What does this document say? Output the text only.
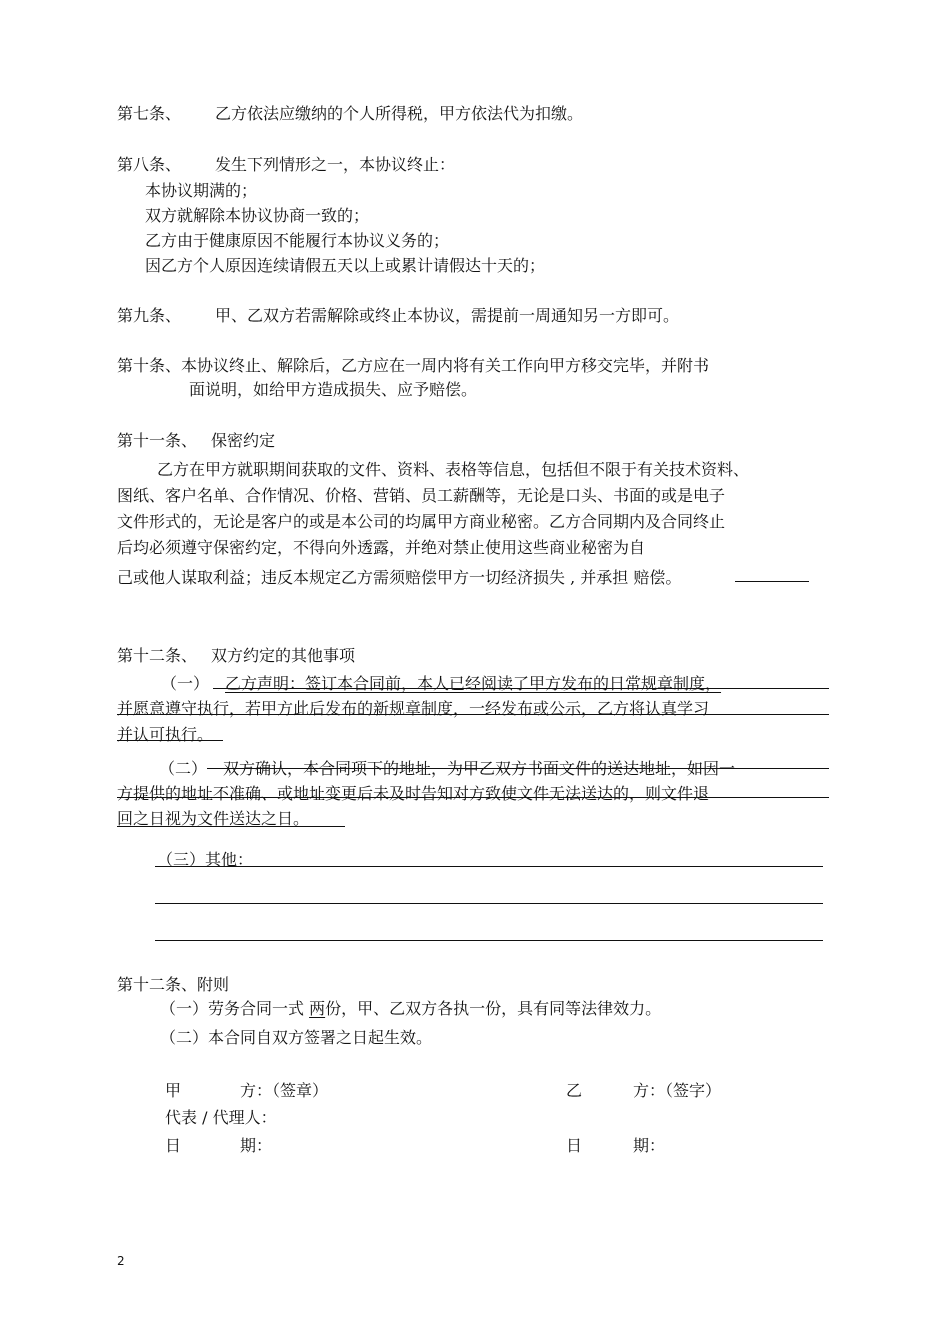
第七条、 乙方依法应缴纳的个人所得税，甲方依法代为扣缴。
第八条、 发生下列情形之一，本协议终止：
本协议期满的；
双方就解除本协议协商一致的；
乙方由于健康原因不能履行本协议义务的；
因乙方个人原因连续请假五天以上或累计请假达十天的；
第九条、 甲、乙双方若需解除或终止本协议，需提前一周通知另一方即可。
第十条、本协议终止、解除后，乙方应在一周内将有关工作向甲方移交完毕，并附书
面说明，如给甲方造成损失、应予赔偿。
第十一条、 保密约定
乙方在甲方就职期间获取的文件、资料、表格等信息，包括但不限于有关技术资料、
图纸、客户名单、合作情况、价格、营销、员工薪酬等，无论是口头、书面的或是电子
文件形式的，无论是客户的或是本公司的均属甲方商业秘密。乙方合同期内及合同终止
后均必须遵守保密约定，不得向外透露，并绝对禁止使用这些商业秘密为自
己或他人谋取利益；违反本规定乙方需须赔偿甲方一切经济损失 , 并承担 赔偿。
第十二条、 双方约定的其他事项
（一） 乙方声明：签订本合同前，本人已经阅读了甲方发布的日常规章制度，
并愿意遵守执行，若甲方此后发布的新规章制度，一经发布或公示，乙方将认真学习
并认可执行。
（二） 双方确认，本合同项下的地址，为甲乙双方书面文件的送达地址，如因一
方提供的地址不准确、或地址变更后未及时告知对方致使文件无法送达的，则文件退
回之日视为文件送达之日。
（三）其他：
第十二条、附则
（一）劳务合同一式 两份，甲、乙双方各执一份，具有同等法律效力。
（二）本合同自双方签署之日起生效。
甲	方：（签章）	乙	方：（签字）
代表 / 代理人：
日	期：	日	期：
2
